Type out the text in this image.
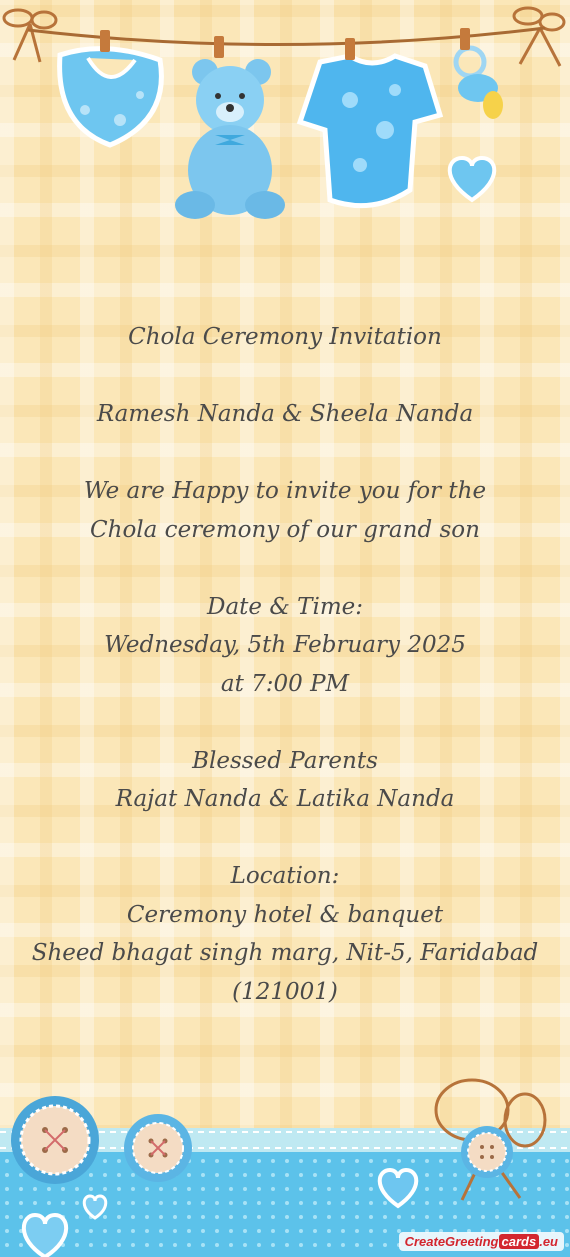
Chola Ceremony Invitation

Ramesh Nanda & Sheela Nanda

We are Happy to invite you for the

Chola ceremony of our grand son

Date & Time:

Wednesday, 5th February 2025

at 7:00 PM

Blessed Parents

Rajat Nanda & Latika Nanda

Location:

Ceremony hotel & banquet

Sheed bhagat singh marg, Nit-5, Faridabad

(121001)

CreateGreeting cards .eu
